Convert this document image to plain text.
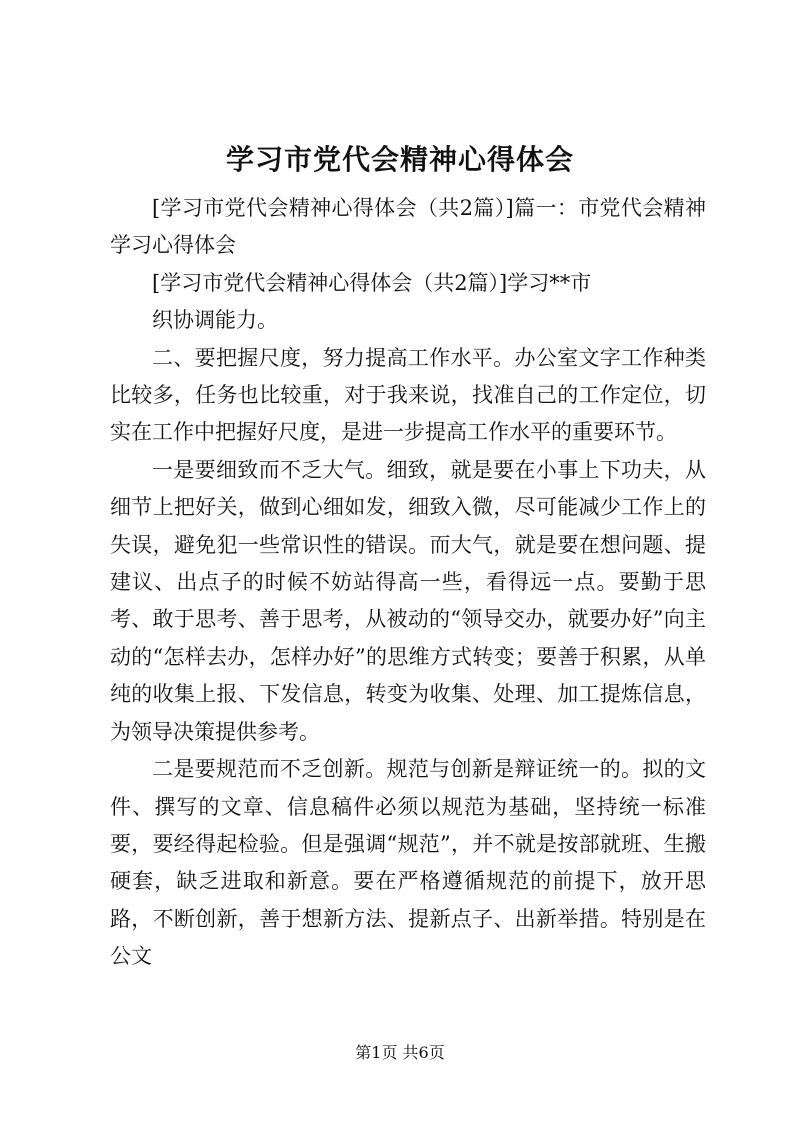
学习市党代会精神心得体会

[学习市党代会精神心得体会（共2篇）]篇一：市党代会精神学习心得体会

[学习市党代会精神心得体会（共2篇）]学习**市

织协调能力。

二、要把握尺度，努力提高工作水平。办公室文字工作种类比较多，任务也比较重，对于我来说，找准自己的工作定位，切实在工作中把握好尺度，是进一步提高工作水平的重要环节。

一是要细致而不乏大气。细致，就是要在小事上下功夫，从细节上把好关，做到心细如发，细致入微，尽可能减少工作上的失误，避免犯一些常识性的错误。而大气，就是要在想问题、提建议、出点子的时候不妨站得高一些，看得远一点。要勤于思考、敢于思考、善于思考，从被动的“领导交办，就要办好”向主动的“怎样去办，怎样办好”的思维方式转变；要善于积累，从单纯的收集上报、下发信息，转变为收集、处理、加工提炼信息，为领导决策提供参考。

二是要规范而不乏创新。规范与创新是辩证统一的。拟的文件、撰写的文章、信息稿件必须以规范为基础，坚持统一标准要，要经得起检验。但是强调“规范”，并不就是按部就班、生搬硬套，缺乏进取和新意。要在严格遵循规范的前提下，放开思路，不断创新，善于想新方法、提新点子、出新举措。特别是在公文

第1页 共6页
